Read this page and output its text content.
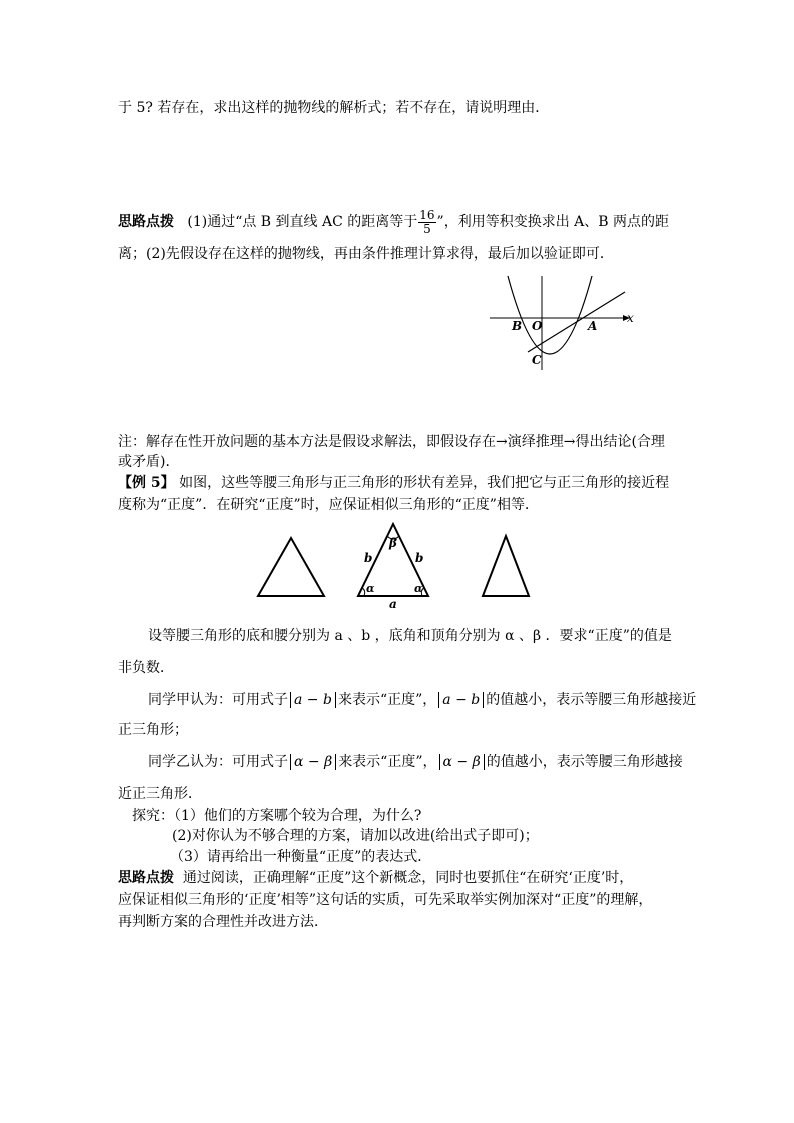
于 5? 若存在，求出这样的抛物线的解析式；若不存在，请说明理由．
思路点拨 (1)通过“点 B 到直线 AC 的距离等于 $\frac{16}{5}$ ”，利用等积变换求出 A、B 两点的距
离；(2)先假设存在这样的抛物线，再由条件推理计算求得，最后加以验证即可．
x
B O	A
C
注：解存在性开放问题的基本方法是假设求解法，即假设存在→演绎推理→得出结论(合理
或矛盾)．
【例 5】 如图，这些等腰三角形与正三角形的形状有差异，我们把它与正三角形的接近程
度称为“正度”．在研究“正度”时，应保证相似三角形的“正度”相等．
b	b
β
α	α
a
设等腰三角形的底和腰分别为 a 、b ，底角和顶角分别为 α 、β ．要求“正度”的值是
非负数．
同学甲认为：可用式子 a − b 来表示“正度”， a − b 的值越小，表示等腰三角形越接近
正三角形；
同学乙认为：可用式子 α − β 来表示“正度”， α − β 的值越小，表示等腰三角形越接
近正三角形．
探究：（1）他们的方案哪个较为合理，为什么?
(2)对你认为不够合理的方案，请加以改进(给出式子即可)；
（3）请再给出一种衡量“正度”的表达式．
思路点拨 通过阅读，正确理解“正度”这个新概念，同时也要抓住“在研究‘正度’时，
应保证相似三角形的‘正度’相等”这句话的实质，可先采取举实例加深对“正度”的理解，
再判断方案的合理性并改进方法．
